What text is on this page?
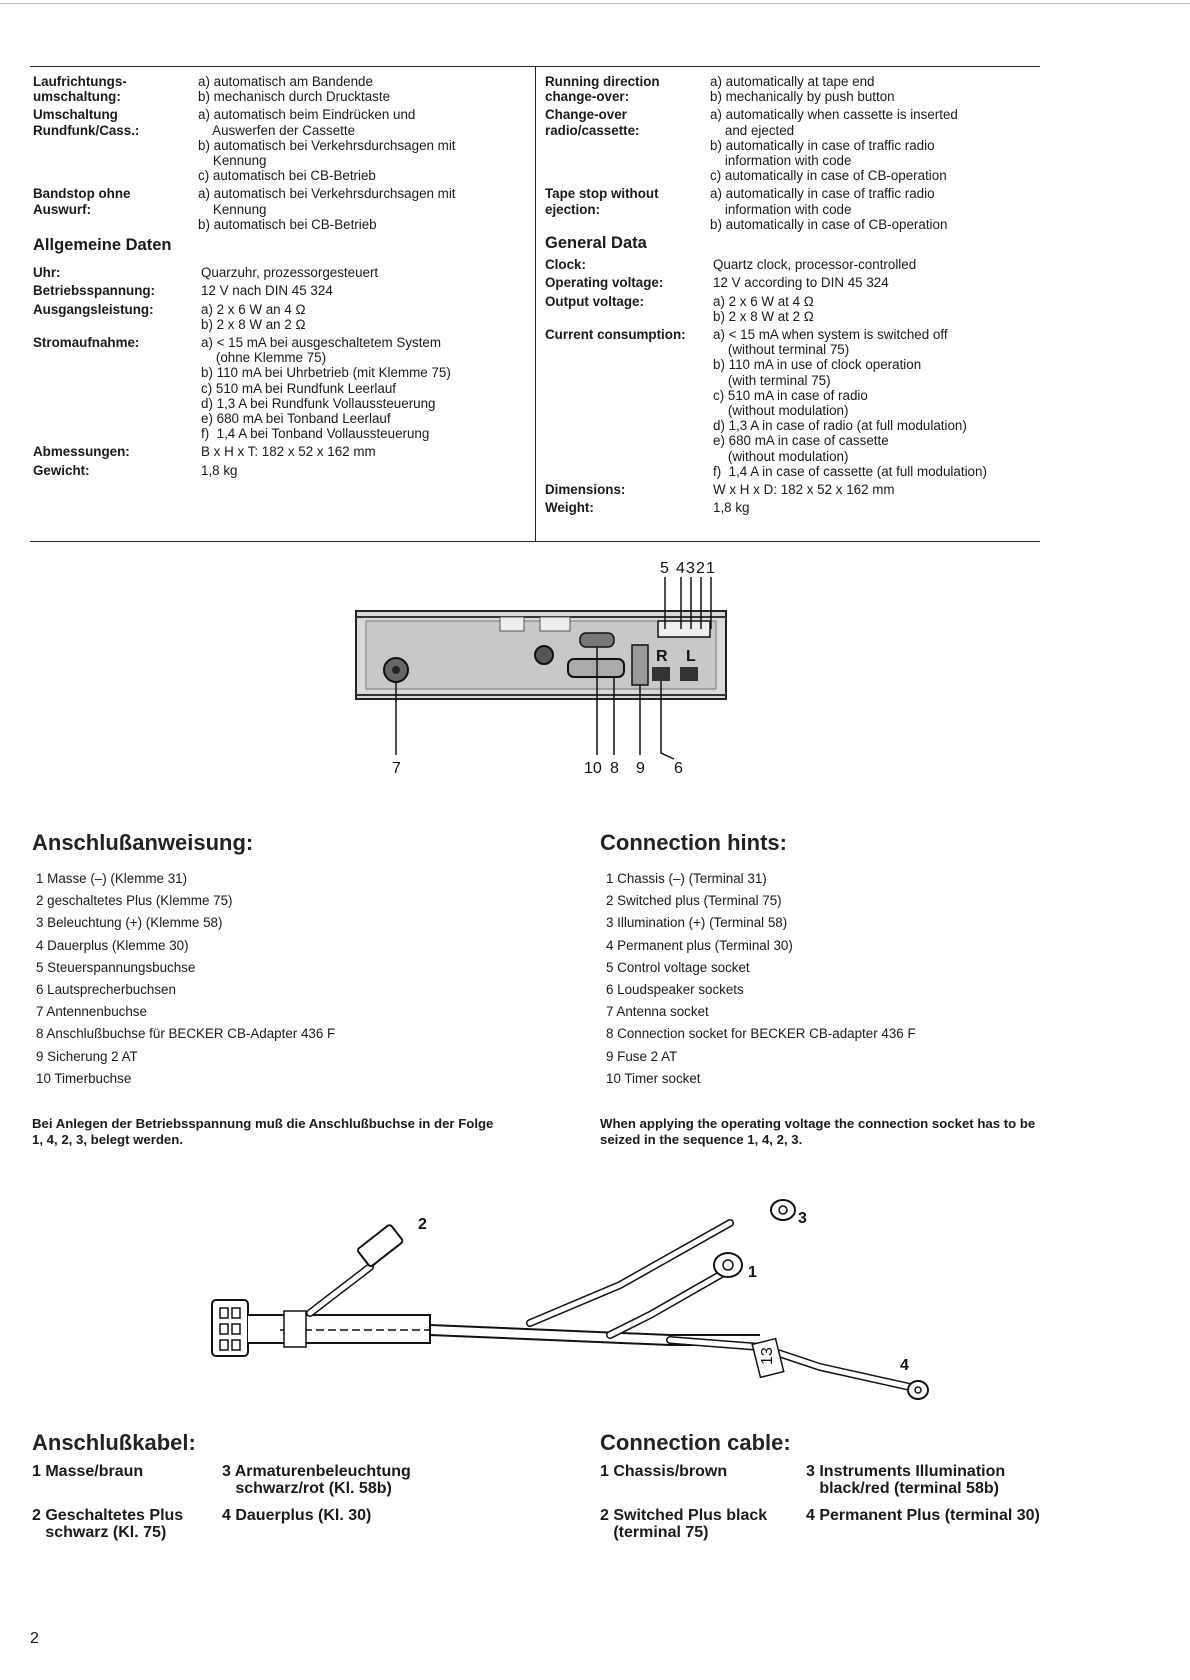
Laufrichtungs-
umschaltung:
a) automatisch am Bandende
b) mechanisch durch Drucktaste
Umschaltung
Rundfunk/Cass.:
a) automatisch beim Eindrücken und
Auswerfen der Cassette
b) automatisch bei Verkehrsdurchsagen mit
Kennung
c) automatisch bei CB-Betrieb
Bandstop ohne
Auswurf:
a) automatisch bei Verkehrsdurchsagen mit
Kennung
b) automatisch bei CB-Betrieb
Allgemeine Daten
Uhr:	Quarzuhr, prozessorgesteuert
Betriebsspannung:	12 V nach DIN 45 324
Ausgangsleistung:	a) 2 x 6 W an 4 Ω
b) 2 x 8 W an 2 Ω
Stromaufnahme:	a) < 15 mA bei ausgeschaltetem System
(ohne Klemme 75)
b) 110 mA bei Uhrbetrieb (mit Klemme 75)
c) 510 mA bei Rundfunk Leerlauf
d) 1,3 A bei Rundfunk Vollaussteuerung
e) 680 mA bei Tonband Leerlauf
f)  1,4 A bei Tonband Vollaussteuerung
Abmessungen:	B x H x T: 182 x 52 x 162 mm
Gewicht:	1,8 kg
Running direction
change-over:
a) automatically at tape end
b) mechanically by push button
Change-over
radio/cassette:
a) automatically when cassette is inserted
and ejected
b) automatically in case of traffic radio
information with code
c) automatically in case of CB-operation
Tape stop without
ejection:
a) automatically in case of traffic radio
information with code
b) automatically in case of CB-operation
General Data
Clock:	Quartz clock, processor-controlled
Operating voltage:	12 V according to DIN 45 324
Output voltage:	a) 2 x 6 W at 4 Ω
b) 2 x 8 W at 2 Ω
Current consumption:	a) < 15 mA when system is switched off
(without terminal 75)
b) 110 mA in use of clock operation
(with terminal 75)
c) 510 mA in case of radio
(without modulation)
d) 1,3 A in case of radio (at full modulation)
e) 680 mA in case of cassette
(without modulation)
f)  1,4 A in case of cassette (at full modulation)
Dimensions:	W x H x D: 182 x 52 x 162 mm
Weight:	1,8 kg
R L
5 4 3 2 1
7	10 8 9 6
Anschlußanweisung:	Connection hints:
1 Masse (–) (Klemme 31)
2 geschaltetes Plus (Klemme 75)
3 Beleuchtung (+) (Klemme 58)
4 Dauerplus (Klemme 30)
5 Steuerspannungsbuchse
6 Lautsprecherbuchsen
7 Antennenbuchse
8 Anschlußbuchse für BECKER CB-Adapter 436 F
9 Sicherung 2 AT
10 Timerbuchse
1 Chassis (–) (Terminal 31)
2 Switched plus (Terminal 75)
3 Illumination (+) (Terminal 58)
4 Permanent plus (Terminal 30)
5 Control voltage socket
6 Loudspeaker sockets
7 Antenna socket
8 Connection socket for BECKER CB-adapter 436 F
9 Fuse 2 AT
10 Timer socket
Bei Anlegen der Betriebsspannung muß die Anschlußbuchse in der Folge
1, 4, 2, 3, belegt werden.
When applying the operating voltage the connection socket has to be
seized in the sequence 1, 4, 2, 3.
2	3
1
13
4
Anschlußkabel:	Connection cable:
1 Masse/braun	3 Armaturenbeleuchtung
schwarz/rot (Kl. 58b)
2 Geschaltetes Plus
schwarz (Kl. 75)
4 Dauerplus (Kl. 30)
1 Chassis/brown	3 Instruments Illumination
black/red (terminal 58b)
2 Switched Plus black
(terminal 75)
4 Permanent Plus (terminal 30)
2
